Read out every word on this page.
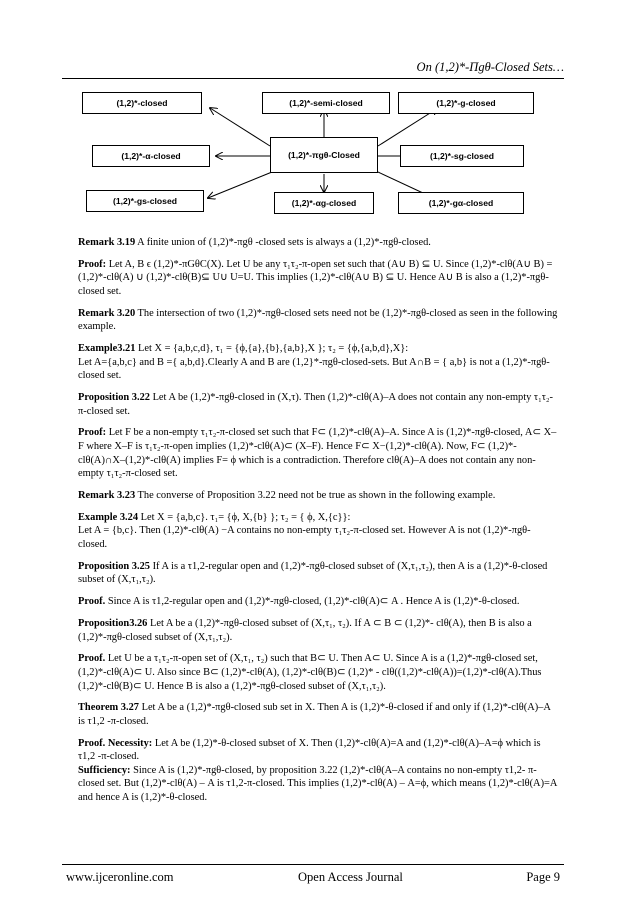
On (1,2)*-Πgθ-Closed Sets…
(1,2)*-closed	(1,2)*-semi-closed	(1,2)*-g-closed
(1,2)*-α-closed	(1,2)*-πgθ-Closed	(1,2)*-sg-closed
(1,2)*-gs-closed	(1,2)*-αg-closed	(1,2)*-gα-closed

Remark 3.19 A finite union of (1,2)*-πgθ -closed sets is always a (1,2)*-πgθ-closed.

Proof: Let A, B ϵ (1,2)*-πGθC(X). Let U be any τ₁τ₂-π-open set such that (A∪ B) ⊆ U. Since (1,2)*-clθ(A∪ B) = (1,2)*-clθ(A) ∪ (1,2)*-clθ(B)⊆ U∪ U=U. This implies (1,2)*-clθ(A∪ B) ⊆ U. Hence A∪ B is also a (1,2)*-πgθ-closed set.

Remark 3.20 The intersection of two (1,2)*-πgθ-closed sets need not be (1,2)*-πgθ-closed as seen in the following example.

Example3.21 Let X = {a,b,c,d}, τ₁ = {ϕ,{a},{b},{a,b},X }; τ₂ = {ϕ,{a,b,d},X}:
Let A={a,b,c} and B ={ a,b,d}.Clearly A and B are (1,2}*-πgθ-closed-sets. But A∩B = { a,b} is not a (1,2)*-πgθ-closed set.

Proposition 3.22 Let A be (1,2)*-πgθ-closed in (X,τ). Then (1,2)*-clθ(A)–A does not contain any non-empty τ₁τ₂-π-closed set.

Proof: Let F be a non-empty τ₁τ₂-π-closed set such that F⊂ (1,2)*-clθ(A)–A. Since A is (1,2)*-πgθ-closed, A⊂ X–F where X–F is τ₁τ₂-π-open implies (1,2)*-clθ(A)⊂ (X–F). Hence F⊂ X−(1,2)*-clθ(A). Now, F⊂ (1,2)*-clθ(A)∩X–(1,2)*-clθ(A) implies F= ϕ which is a contradiction. Therefore clθ(A)–A does not contain any non-empty τ₁τ₂-π-closed set.

Remark 3.23 The converse of Proposition 3.22 need not be true as shown in the following example.

Example 3.24 Let X = {a,b,c}. τ₁= {ϕ, X,{b} }; τ₂ = { ϕ, X,{c}}:
Let A = {b,c}. Then (1,2)*-clθ(A) −A contains no non-empty τ₁τ₂-π-closed set. However A is not (1,2)*-πgθ-closed.

Proposition 3.25 If A is a τ1,2-regular open and (1,2)*-πgθ-closed subset of (X,τ₁,τ₂), then A is a (1,2)*-θ-closed subset of (X,τ₁,τ₂).

Proof. Since A is τ1,2-regular open and (1,2)*-πgθ-closed, (1,2)*-clθ(A)⊂ A . Hence A is (1,2)*-θ-closed.

Proposition3.26 Let A be a (1,2)*-πgθ-closed subset of (X,τ₁, τ₂). If A ⊂ B ⊂ (1,2)*- clθ(A), then B is also a (1,2)*-πgθ-closed subset of (X,τ₁,τ₂).

Proof. Let U be a τ₁τ₂-π-open set of (X,τ₁, τ₂) such that B⊂ U. Then A⊂ U. Since A is a (1,2)*-πgθ-closed set, (1,2)*-clθ(A)⊂ U. Also since B⊂ (1,2)*-clθ(A), (1,2)*-clθ(B)⊂ (1,2)* - clθ((1,2)*-clθ(A))=(1,2)*-clθ(A).Thus (1,2)*-clθ(B)⊂ U. Hence B is also a (1,2)*-πgθ-closed subset of (X,τ₁,τ₂).

Theorem 3.27 Let A be a (1,2)*-πgθ-closed sub set in X. Then A is (1,2)*-θ-closed if and only if (1,2)*-clθ(A)–A is τ1,2 -π-closed.

Proof. Necessity: Let A be (1,2)*-θ-closed subset of X. Then (1,2)*-clθ(A)=A and (1,2)*-clθ(A)–A=ϕ which is τ1,2 -π-closed.

Sufficiency: Since A is (1,2)*-πgθ-closed, by proposition 3.22 (1,2)*-clθ(A–A contains no non-empty τ1,2- π-closed set. But (1,2)*-clθ(A) – A is τ1,2-π-closed. This implies (1,2)*-clθ(A) – A=ϕ, which means (1,2)*-clθ(A)=A and hence A is (1,2)*-θ-closed.

www.ijceronline.com	Open Access Journal	Page 9
